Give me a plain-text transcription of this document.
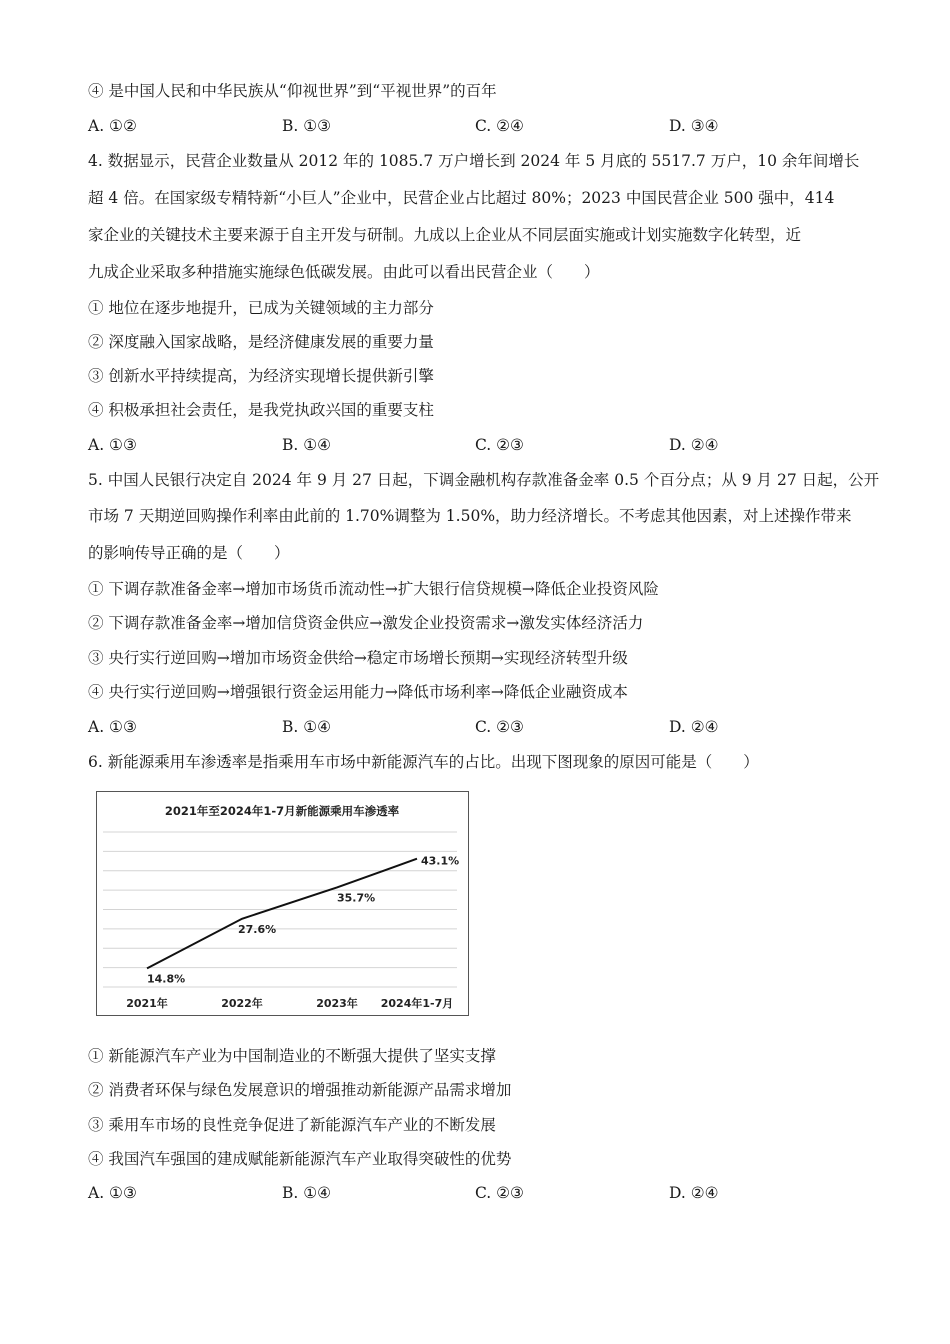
④ 是中国人民和中华民族从“仰视世界”到“平视世界”的百年
A. ①②	B. ①③	C. ②④	D. ③④
4. 数据显示，民营企业数量从 2012 年的 1085.7 万户增长到 2024 年 5 月底的 5517.7 万户，10 余年间增长
超 4 倍。在国家级专精特新“小巨人”企业中，民营企业占比超过 80%；2023 中国民营企业 500 强中，414
家企业的关键技术主要来源于自主开发与研制。九成以上企业从不同层面实施或计划实施数字化转型，近
九成企业采取多种措施实施绿色低碳发展。由此可以看出民营企业（　　）
① 地位在逐步地提升，已成为关键领域的主力部分
② 深度融入国家战略，是经济健康发展的重要力量
③ 创新水平持续提高，为经济实现增长提供新引擎
④ 积极承担社会责任，是我党执政兴国的重要支柱
A. ①③	B. ①④	C. ②③	D. ②④
5. 中国人民银行决定自 2024 年 9 月 27 日起，下调金融机构存款准备金率 0.5 个百分点；从 9 月 27 日起，公开
市场 7 天期逆回购操作利率由此前的 1.70%调整为 1.50%，助力经济增长。不考虑其他因素，对上述操作带来
的影响传导正确的是（　　）
① 下调存款准备金率→增加市场货币流动性→扩大银行信贷规模→降低企业投资风险
② 下调存款准备金率→增加信贷资金供应→激发企业投资需求→激发实体经济活力
③ 央行实行逆回购→增加市场资金供给→稳定市场增长预期→实现经济转型升级
④ 央行实行逆回购→增强银行资金运用能力→降低市场利率→降低企业融资成本
A. ①③	B. ①④	C. ②③	D. ②④
6. 新能源乘用车渗透率是指乘用车市场中新能源汽车的占比。出现下图现象的原因可能是（　　）
2021年至2024年1-7月新能源乘用车渗透率
14.8%
27.6%
35.7%
43.1%
2021年	2022年	2023年 2024年1-7月
① 新能源汽车产业为中国制造业的不断强大提供了坚实支撑
② 消费者环保与绿色发展意识的增强推动新能源产品需求增加
③ 乘用车市场的良性竞争促进了新能源汽车产业的不断发展
④ 我国汽车强国的建成赋能新能源汽车产业取得突破性的优势
A. ①③	B. ①④	C. ②③	D. ②④
